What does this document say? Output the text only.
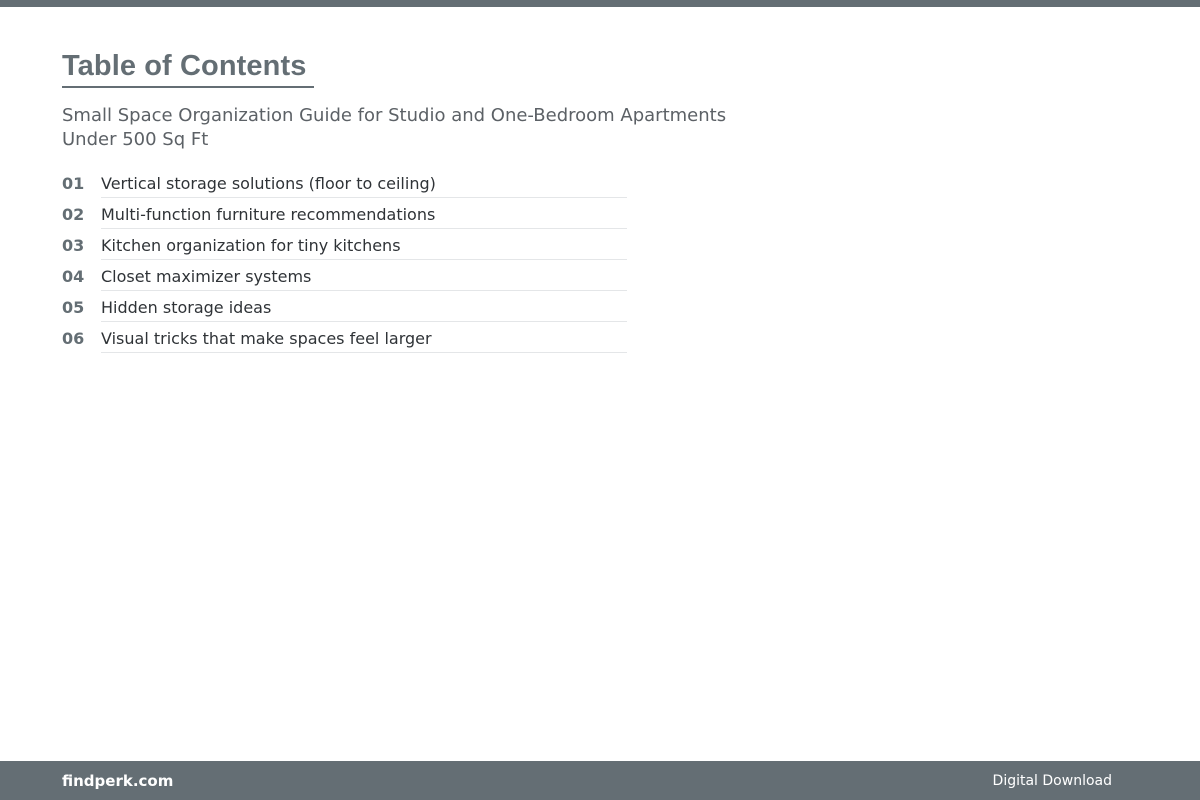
Table of Contents

Small Space Organization Guide for Studio and One-Bedroom Apartments Under 500 Sq Ft

01	Vertical storage solutions (floor to ceiling)
02	Multi-function furniture recommendations
03	Kitchen organization for tiny kitchens
04	Closet maximizer systems
05	Hidden storage ideas
06	Visual tricks that make spaces feel larger
findperk.com	Digital Download
